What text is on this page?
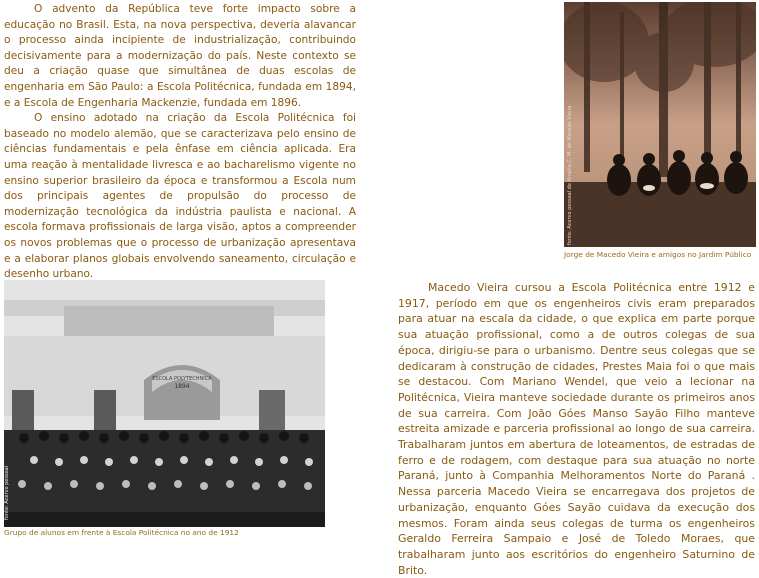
O advento da República teve forte impacto sobre a educação no Brasil. Esta, na nova perspectiva, deveria alavancar o processo ainda incipiente de industrialização, contribuindo decisivamente para a modernização do país. Neste contexto se deu a criação quase que simultânea de duas escolas de engenharia em São Paulo: a Escola Politécnica, fundada em 1894, e a Escola de Engenharia Mackenzie, fundada em 1896.

O ensino adotado na criação da Escola Politécnica foi baseado no modelo alemão, que se caracterizava pelo ensino de ciências fundamentais e pela ênfase em ciência aplicada. Era uma reação à mentalidade livresca e ao bacharelismo vigente no ensino superior brasileiro da época e transformou a Escola num dos principais agentes de propulsão do processo de modernização tecnológica da indústria paulista e nacional. A escola formava profissionais de larga visão, aptos a compreender os novos problemas que o processo de urbanização apresentava e a elaborar planos globais envolvendo saneamento, circulação e desenho urbano.

fonte: Acervo pessoal de Amalia C. M. de Macedo Vieira
Jorge de Macedo Vieira e amigos no Jardim Público
ESCOLA POLYTECHNICA
1894
fonte: Acervo pessoal
Grupo de alunos em frente à Escola Politécnica no ano de 1912

Macedo Vieira cursou a Escola Politécnica entre 1912 e 1917, período em que os engenheiros civis eram preparados para atuar na escala da cidade, o que explica em parte porque sua atuação profissional, como a de outros colegas de sua época, dirigiu-se para o urbanismo. Dentre seus colegas que se dedicaram à construção de cidades, Prestes Maia foi o que mais se destacou. Com Mariano Wendel, que veio a lecionar na Politécnica, Vieira manteve sociedade durante os primeiros anos de sua carreira. Com João Góes Manso Sayão Filho manteve estreita amizade e parceria profissional ao longo de sua carreira. Trabalharam juntos em abertura de loteamentos, de estradas de ferro e de rodagem, com destaque para sua atuação no norte Paraná, junto à Companhia Melhoramentos Norte do Paraná . Nessa parceria Macedo Vieira se encarregava dos projetos de urbanização, enquanto Góes Sayão cuidava da execução dos mesmos. Foram ainda seus colegas de turma os engenheiros Geraldo Ferreira Sampaio e José de Toledo Moraes, que trabalharam junto aos escritórios do engenheiro Saturnino de Brito.
